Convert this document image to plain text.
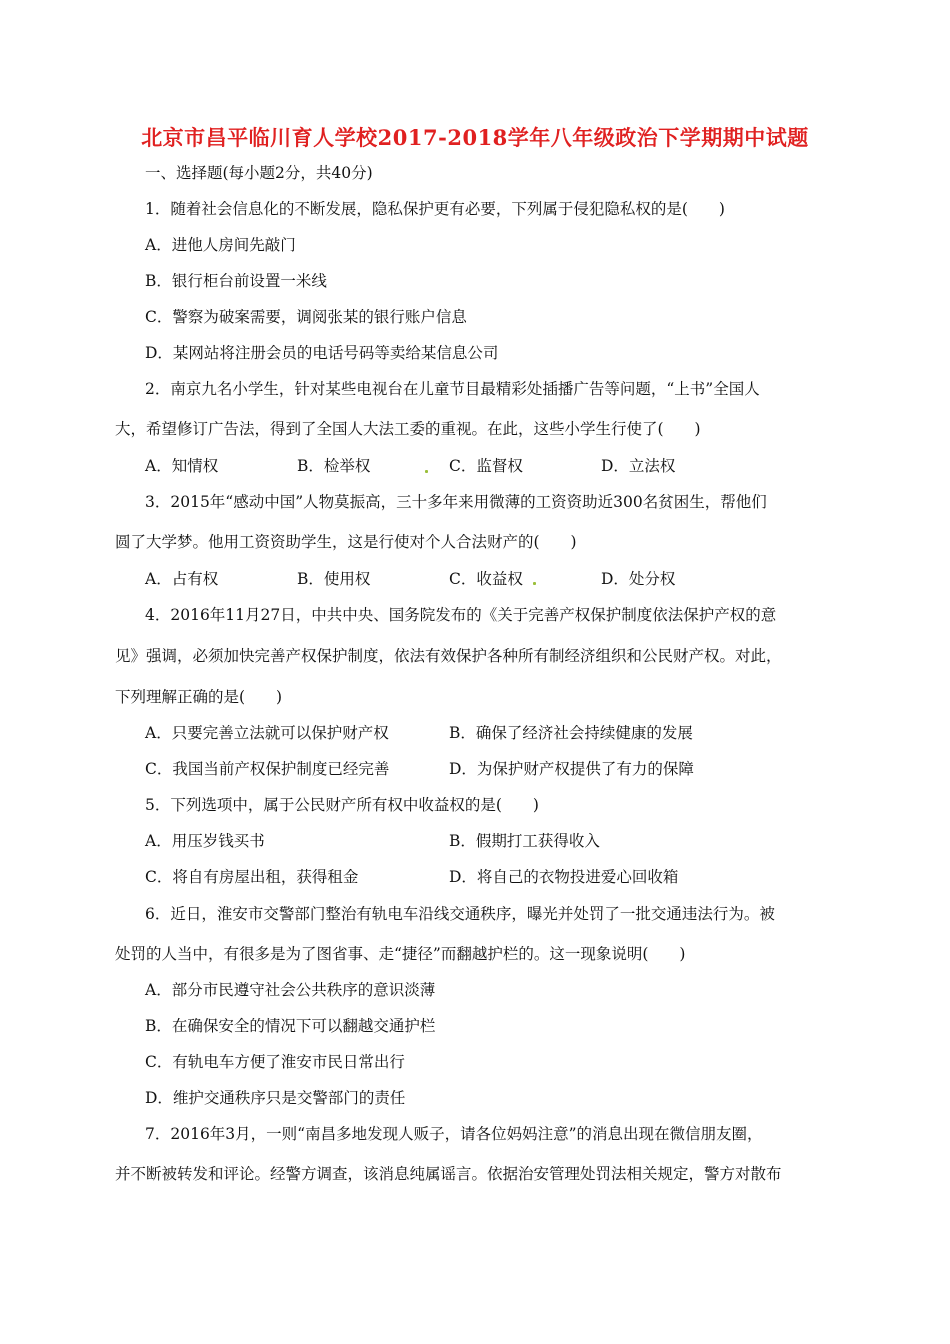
北京市昌平临川育人学校2017-2018学年八年级政治下学期期中试题
一、选择题(每小题2分，共40分)
1．随着社会信息化的不断发展，隐私保护更有必要，下列属于侵犯隐私权的是(　　)
A．进他人房间先敲门
B．银行柜台前设置一米线
C．警察为破案需要，调阅张某的银行账户信息
D．某网站将注册会员的电话号码等卖给某信息公司
2．南京九名小学生，针对某些电视台在儿童节目最精彩处插播广告等问题，“上书”全国人
大，希望修订广告法，得到了全国人大法工委的重视。在此，这些小学生行使了(　　)
A．知情权	B．检举权	C．监督权	D．立法权
3．2015年“感动中国”人物莫振高，三十多年来用微薄的工资资助近300名贫困生，帮他们
圆了大学梦。他用工资资助学生，这是行使对个人合法财产的(　　)
A．占有权	B．使用权	C．收益权	D．处分权
4．2016年11月27日，中共中央、国务院发布的《关于完善产权保护制度依法保护产权的意
见》强调，必须加快完善产权保护制度，依法有效保护各种所有制经济组织和公民财产权。对此，
下列理解正确的是(　　)
A．只要完善立法就可以保护财产权	B．确保了经济社会持续健康的发展
C．我国当前产权保护制度已经完善	D．为保护财产权提供了有力的保障
5．下列选项中，属于公民财产所有权中收益权的是(　　)
A．用压岁钱买书	B．假期打工获得收入
C．将自有房屋出租，获得租金	D．将自己的衣物投进爱心回收箱
6．近日，淮安市交警部门整治有轨电车沿线交通秩序，曝光并处罚了一批交通违法行为。被
处罚的人当中，有很多是为了图省事、走“捷径”而翻越护栏的。这一现象说明(　　)
A．部分市民遵守社会公共秩序的意识淡薄
B．在确保安全的情况下可以翻越交通护栏
C．有轨电车方便了淮安市民日常出行
D．维护交通秩序只是交警部门的责任
7．2016年3月，一则“南昌多地发现人贩子，请各位妈妈注意”的消息出现在微信朋友圈，
并不断被转发和评论。经警方调查，该消息纯属谣言。依据治安管理处罚法相关规定，警方对散布
